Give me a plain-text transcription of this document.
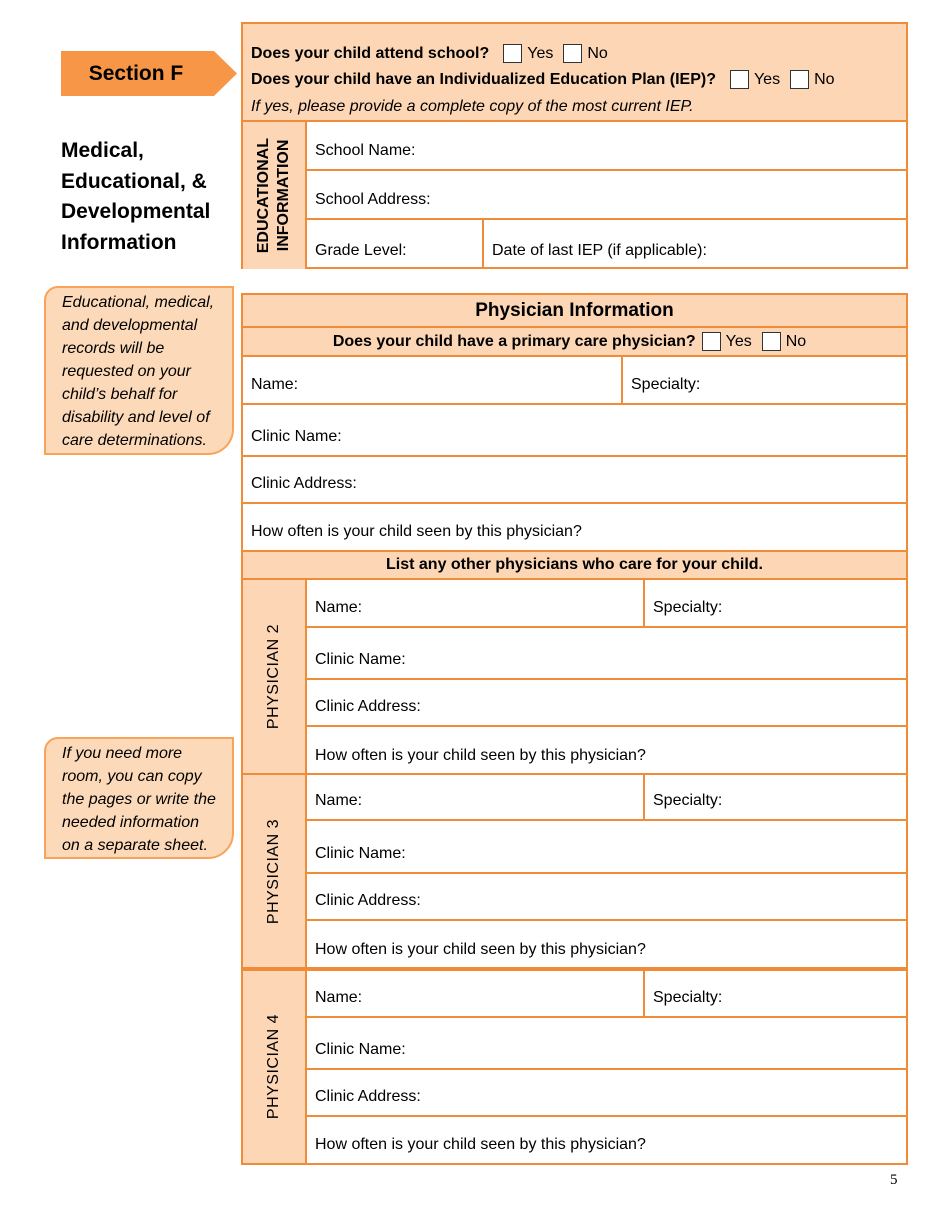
Section F
Medical,
Educational, &
Developmental
Information
Educational, medical,
and developmental
records will be
requested on your
child’s behalf for
disability and level of
care determinations.
If you need more
room, you can copy
the pages or write the
needed information
on a separate sheet.
Does your child attend school? Yes No
Does your child have an Individualized Education Plan (IEP)? Yes No
If yes, please provide a complete copy of the most current IEP.
EDUCATIONAL INFORMATION School Name:
School Address:
Grade Level:	Date of last IEP (if applicable):
Physician Information
Does your child have a primary care physician? Yes No
Name:	Specialty:
Clinic Name:
Clinic Address:
How often is your child seen by this physician?
List any other physicians who care for your child.
PHYSICIAN 2
Name:	Specialty:
Clinic Name:
Clinic Address:
How often is your child seen by this physician?
PHYSICIAN 3
Name:	Specialty:
Clinic Name:
Clinic Address:
How often is your child seen by this physician?
PHYSICIAN 4
Name:	Specialty:
Clinic Name:
Clinic Address:
How often is your child seen by this physician?
5
